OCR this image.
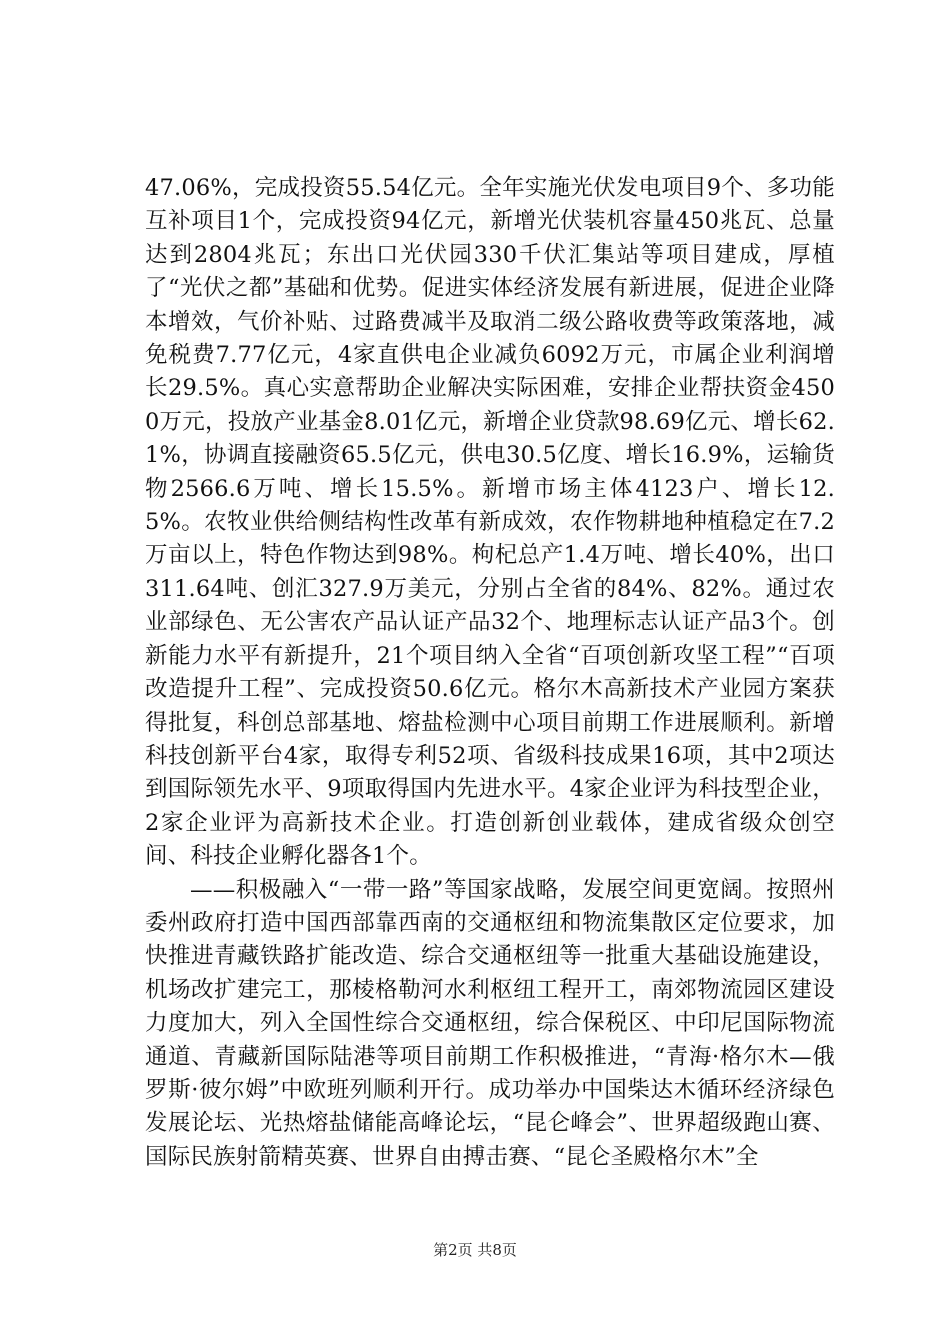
47.06%，完成投资55.54亿元。全年实施光伏发电项目9个、多功能互补项目1个，完成投资94亿元，新增光伏装机容量450兆瓦、总量达到2804兆瓦；东出口光伏园330千伏汇集站等项目建成，厚植了“光伏之都”基础和优势。促进实体经济发展有新进展，促进企业降本增效，气价补贴、过路费减半及取消二级公路收费等政策落地，减免税费7.77亿元，4家直供电企业减负6092万元，市属企业利润增长29.5%。真心实意帮助企业解决实际困难，安排企业帮扶资金4500万元，投放产业基金8.01亿元，新增企业贷款98.69亿元、增长62.1%，协调直接融资65.5亿元，供电30.5亿度、增长16.9%，运输货物2566.6万吨、增长15.5%。新增市场主体4123户、增长12.5%。农牧业供给侧结构性改革有新成效，农作物耕地种植稳定在7.2万亩以上，特色作物达到98%。枸杞总产1.4万吨、增长40%，出口311.64吨、创汇327.9万美元，分别占全省的84%、82%。通过农业部绿色、无公害农产品认证产品32个、地理标志认证产品3个。创新能力水平有新提升，21个项目纳入全省“百项创新攻坚工程”“百项改造提升工程”、完成投资50.6亿元。格尔木高新技术产业园方案获得批复，科创总部基地、熔盐检测中心项目前期工作进展顺利。新增科技创新平台4家，取得专利52项、省级科技成果16项，其中2项达到国际领先水平、9项取得国内先进水平。4家企业评为科技型企业，2家企业评为高新技术企业。打造创新创业载体，建成省级众创空间、科技企业孵化器各1个。

——积极融入“一带一路”等国家战略，发展空间更宽阔。按照州委州政府打造中国西部靠西南的交通枢纽和物流集散区定位要求，加快推进青藏铁路扩能改造、综合交通枢纽等一批重大基础设施建设，机场改扩建完工，那棱格勒河水利枢纽工程开工，南郊物流园区建设力度加大，列入全国性综合交通枢纽，综合保税区、中印尼国际物流通道、青藏新国际陆港等项目前期工作积极推进，“青海·格尔木—俄罗斯·彼尔姆”中欧班列顺利开行。成功举办中国柴达木循环经济绿色发展论坛、光热熔盐储能高峰论坛，“昆仑峰会”、世界超级跑山赛、国际民族射箭精英赛、世界自由搏击赛、“昆仑圣殿格尔木”全

第2页 共8页
